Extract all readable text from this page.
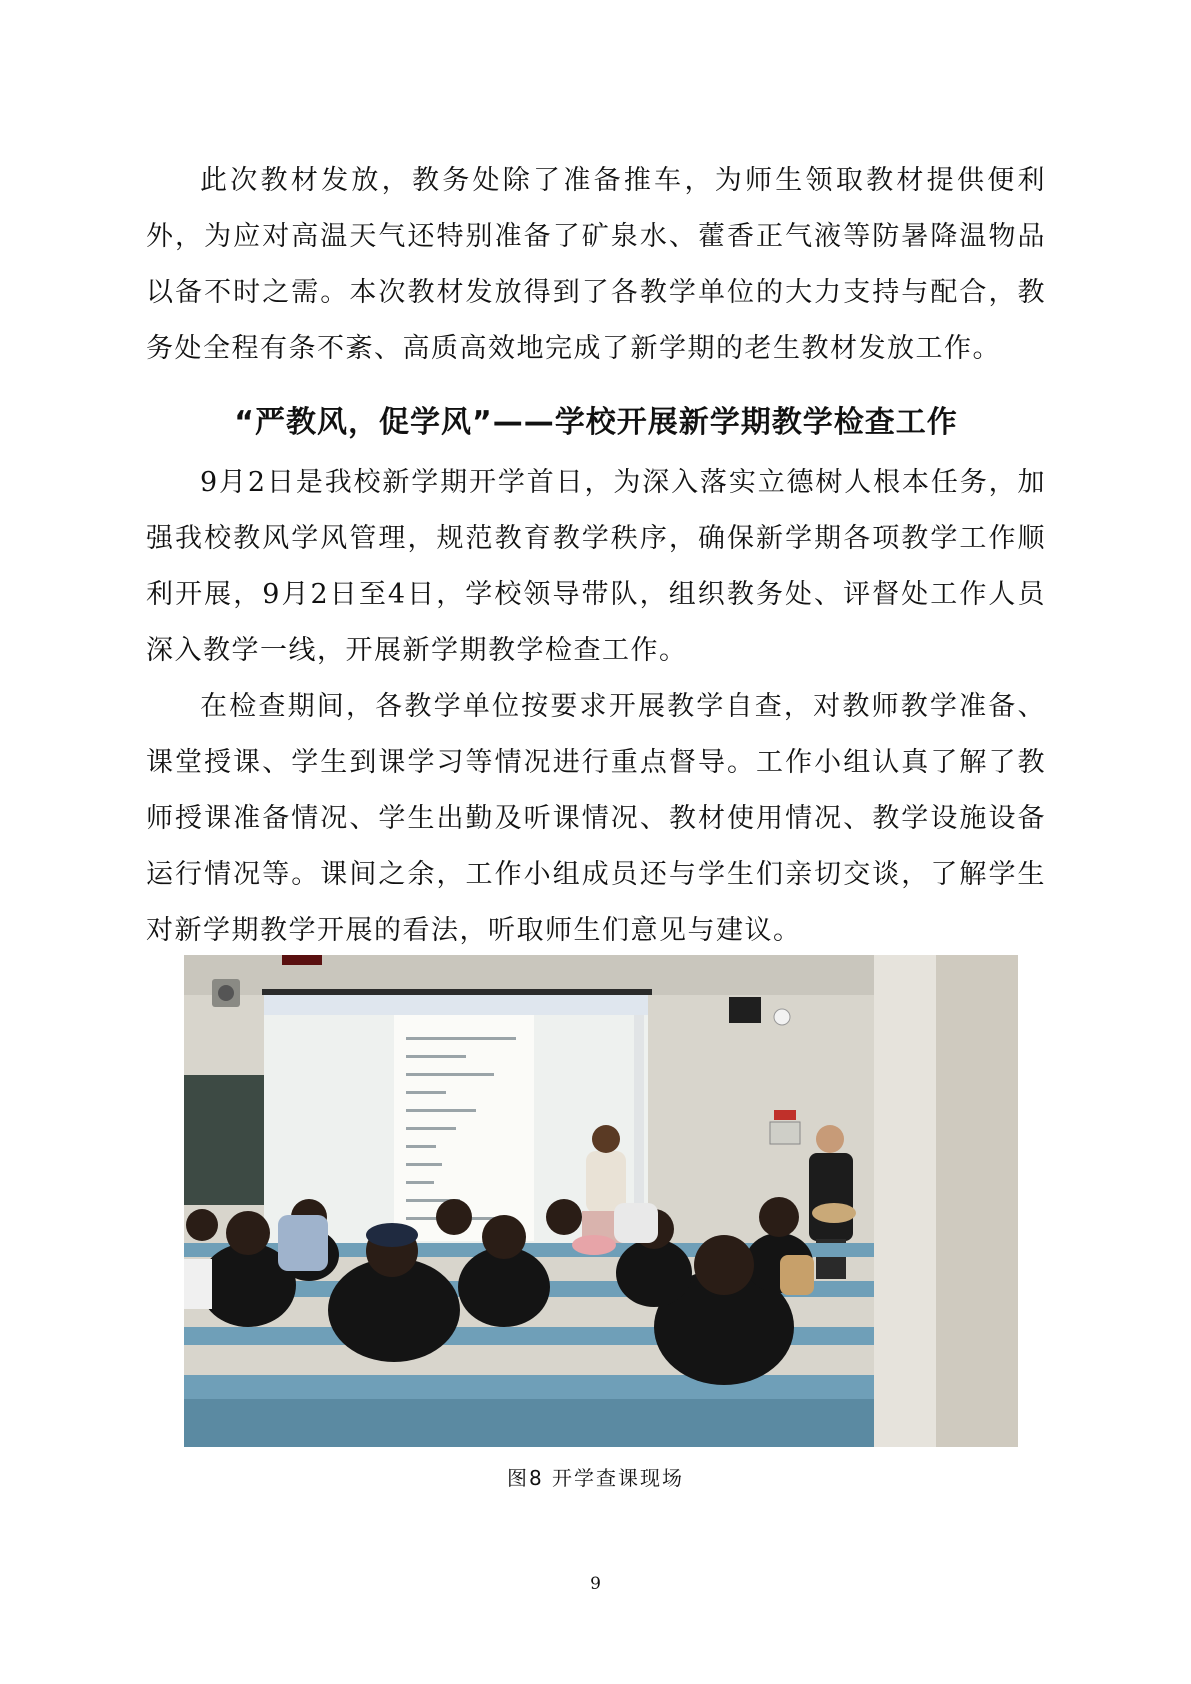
此次教材发放，教务处除了准备推车，为师生领取教材提供便利外，为应对高温天气还特别准备了矿泉水、藿香正气液等防暑降温物品以备不时之需。本次教材发放得到了各教学单位的大力支持与配合，教务处全程有条不紊、高质高效地完成了新学期的老生教材发放工作。

“严教风，促学风”——学校开展新学期教学检查工作

9月2日是我校新学期开学首日，为深入落实立德树人根本任务，加强我校教风学风管理，规范教育教学秩序，确保新学期各项教学工作顺利开展，9月2日至4日，学校领导带队，组织教务处、评督处工作人员深入教学一线，开展新学期教学检查工作。

在检查期间，各教学单位按要求开展教学自查，对教师教学准备、课堂授课、学生到课学习等情况进行重点督导。工作小组认真了解了教师授课准备情况、学生出勤及听课情况、教材使用情况、教学设施设备运行情况等。课间之余，工作小组成员还与学生们亲切交谈，了解学生对新学期教学开展的看法，听取师生们意见与建议。

图8 开学查课现场
9
